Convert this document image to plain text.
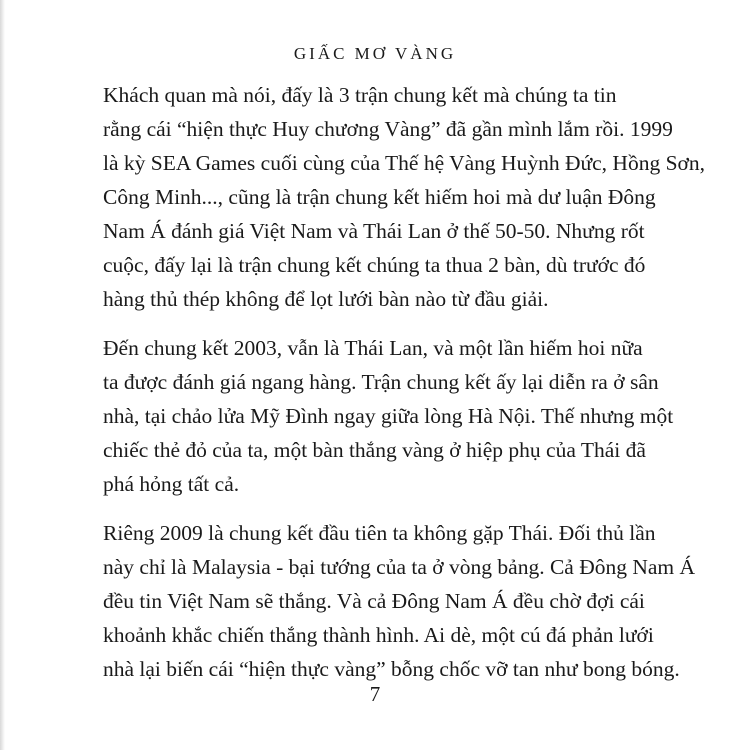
GIẤC MƠ VÀNG

Khách quan mà nói, đấy là 3 trận chung kết mà chúng ta tin
rằng cái “hiện thực Huy chương Vàng” đã gần mình lắm rồi. 1999
là kỳ SEA Games cuối cùng của Thế hệ Vàng Huỳnh Đức, Hồng Sơn,
Công Minh..., cũng là trận chung kết hiếm hoi mà dư luận Đông
Nam Á đánh giá Việt Nam và Thái Lan ở thế 50-50. Nhưng rốt
cuộc, đấy lại là trận chung kết chúng ta thua 2 bàn, dù trước đó
hàng thủ thép không để lọt lưới bàn nào từ đầu giải.

Đến chung kết 2003, vẫn là Thái Lan, và một lần hiếm hoi nữa
ta được đánh giá ngang hàng. Trận chung kết ấy lại diễn ra ở sân
nhà, tại chảo lửa Mỹ Đình ngay giữa lòng Hà Nội. Thế nhưng một
chiếc thẻ đỏ của ta, một bàn thắng vàng ở hiệp phụ của Thái đã
phá hỏng tất cả.

Riêng 2009 là chung kết đầu tiên ta không gặp Thái. Đối thủ lần
này chỉ là Malaysia - bại tướng của ta ở vòng bảng. Cả Đông Nam Á
đều tin Việt Nam sẽ thắng. Và cả Đông Nam Á đều chờ đợi cái
khoảnh khắc chiến thắng thành hình. Ai dè, một cú đá phản lưới
nhà lại biến cái “hiện thực vàng” bỗng chốc vỡ tan như bong bóng.

7
